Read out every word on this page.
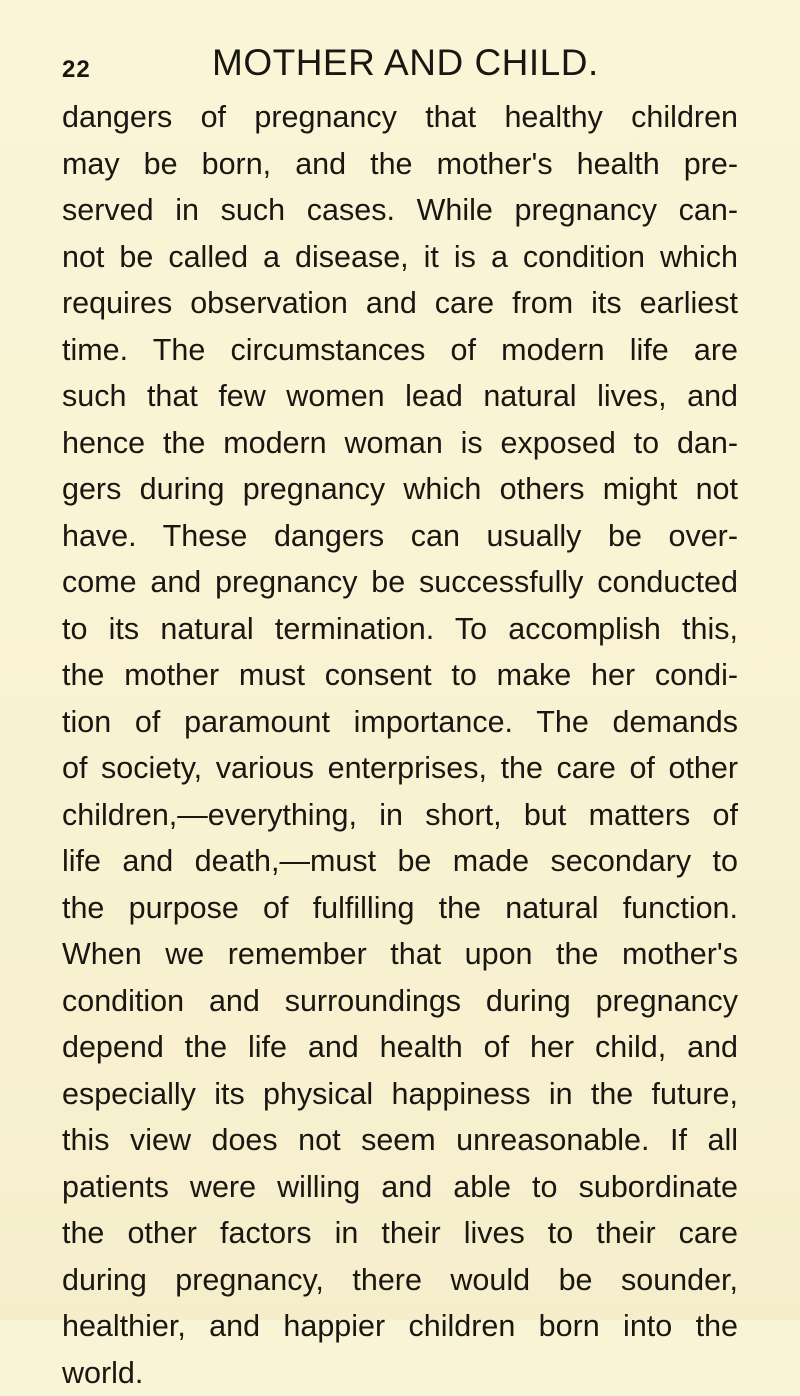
22	MOTHER AND CHILD.
dangers of pregnancy that healthy children
may be born, and the mother's health pre-
served in such cases. While pregnancy can-
not be called a disease, it is a condition which
requires observation and care from its earliest
time. The circumstances of modern life are
such that few women lead natural lives, and
hence the modern woman is exposed to dan-
gers during pregnancy which others might not
have. These dangers can usually be over-
come and pregnancy be successfully conducted
to its natural termination. To accomplish this,
the mother must consent to make her condi-
tion of paramount importance. The demands
of society, various enterprises, the care of other
children,—everything, in short, but matters of
life and death,—must be made secondary to
the purpose of fulfilling the natural function.
When we remember that upon the mother's
condition and surroundings during pregnancy
depend the life and health of her child, and
especially its physical happiness in the future,
this view does not seem unreasonable. If all
patients were willing and able to subordinate
the other factors in their lives to their care
during pregnancy, there would be sounder,
healthier, and happier children born into the
world.
